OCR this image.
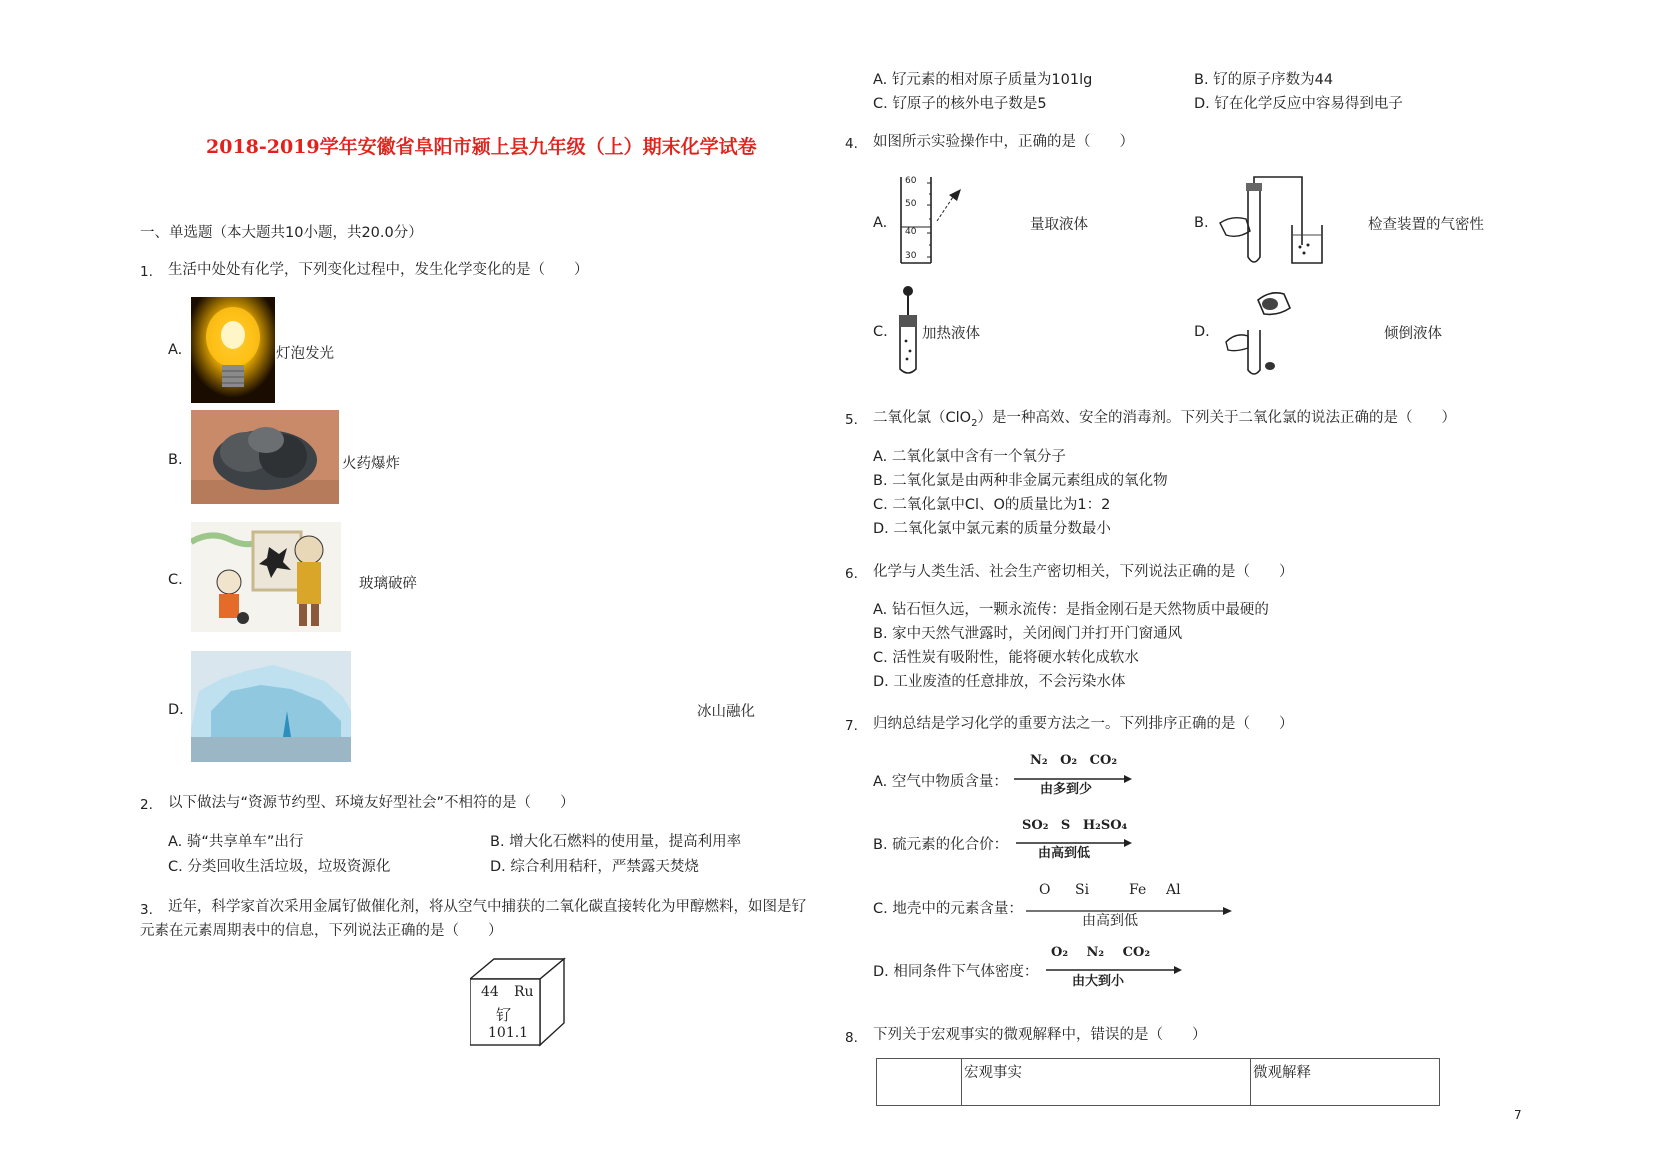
2018-2019学年安徽省阜阳市颍上县九年级（上）期末化学试卷
一、单选题（本大题共10小题，共20.0分）
1. 生活中处处有化学，下列变化过程中，发生化学变化的是（　　）
A.	灯泡发光
B.	火药爆炸
C.	玻璃破碎
D.	冰山融化
2. 以下做法与“资源节约型、环境友好型社会”不相符的是（　　）
A. 骑“共享单车”出行	B. 增大化石燃料的使用量，提高利用率
C. 分类回收生活垃圾，垃圾资源化	D. 综合利用秸秆，严禁露天焚烧
3. 近年，科学家首次采用金属钌做催化剂，将从空气中捕获的二氧化碳直接转化为甲醇燃料，如图是钌
元素在元素周期表中的信息，下列说法正确的是（　　）
44 Ru
钌
101.1
A. 钌元素的相对原子质量为101lg	B. 钌的原子序数为44
C. 钌原子的核外电子数是5	D. 钌在化学反应中容易得到电子
4. 如图所示实验操作中，正确的是（　　）
A.
60
50
40
30
量取液体	B.	检查装置的气密性
C. 加热液体	D.	倾倒液体
5. 二氧化氯（ClO$_2$）是一种高效、安全的消毒剂。下列关于二氧化氯的说法正确的是（　　）
A. 二氧化氯中含有一个氧分子
B. 二氧化氯是由两种非金属元素组成的氧化物
C. 二氧化氯中Cl、O的质量比为1：2
D. 二氧化氯中氯元素的质量分数最小
6. 化学与人类生活、社会生产密切相关，下列说法正确的是（　　）
A. 钻石恒久远，一颗永流传：是指金刚石是天然物质中最硬的
B. 家中天然气泄露时，关闭阀门并打开门窗通风
C. 活性炭有吸附性，能将硬水转化成软水
D. 工业废渣的任意排放，不会污染水体
7. 归纳总结是学习化学的重要方法之一。下列排序正确的是（　　）
A. 空气中物质含量：
N₂ O₂ CO₂
由多到少
B. 硫元素的化合价：
SO₂ S H₂SO₄
由高到低
C. 地壳中的元素含量：
O Si	Fe Al
由高到低
D. 相同条件下气体密度：
O₂ N₂ CO₂
由大到小
8. 下列关于宏观事实的微观解释中，错误的是（　　）
	宏观事实	微观解释
7
